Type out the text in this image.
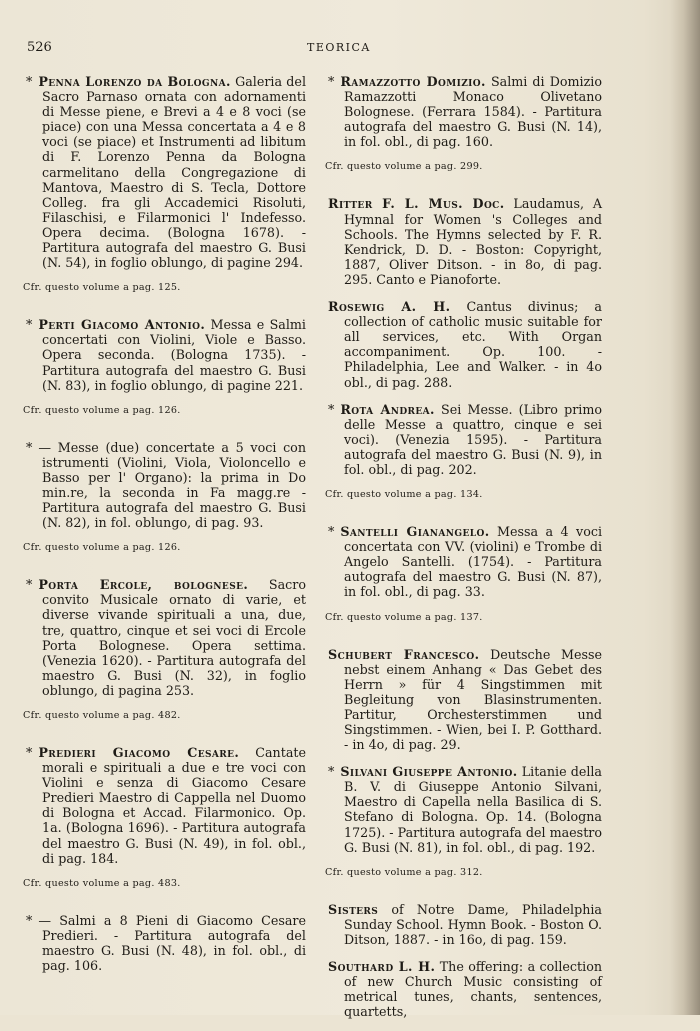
526	TEORICA

* Penna Lorenzo da Bologna. Galeria del Sacro Parnaso ornata con adornamenti di Messe piene, e Brevi a 4 e 8 voci (se piace) con una Messa concertata a 4 e 8 voci (se piace) et Instrumenti ad libitum di F. Lorenzo Penna da Bologna carmelitano della Congregazione di Mantova, Maestro di S. Tecla, Dottore Colleg. fra gli Accademici Risoluti, Filaschisi, e Filarmonici l' Indefesso. Opera decima. (Bologna 1678). - Partitura autografa del maestro G. Busi (N. 54), in foglio oblungo, di pagine 294.

Cfr. questo volume a pag. 125.

* Perti Giacomo Antonio. Messa e Salmi concertati con Violini, Viole e Basso. Opera seconda. (Bologna 1735). - Partitura autografa del maestro G. Busi (N. 83), in foglio oblungo, di pagine 221.

Cfr. questo volume a pag. 126.

* — Messe (due) concertate a 5 voci con istrumenti (Violini, Viola, Violoncello e Basso per l' Organo): la prima in Do min.re, la seconda in Fa magg.re - Partitura autografa del maestro G. Busi (N. 82), in fol. oblungo, di pag. 93.

Cfr. questo volume a pag. 126.

* Porta Ercole, bolognese. Sacro convito Musicale ornato di varie, et diverse vivande spirituali a una, due, tre, quattro, cinque et sei voci di Ercole Porta Bolognese. Opera settima. (Venezia 1620). - Partitura autografa del maestro G. Busi (N. 32), in foglio oblungo, di pagina 253.

Cfr. questo volume a pag. 482.

* Predieri Giacomo Cesare. Cantate morali e spirituali a due e tre voci con Violini e senza di Giacomo Cesare Predieri Maestro di Cappella nel Duomo di Bologna et Accad. Filarmonico. Op. 1a. (Bologna 1696). - Partitura autografa del maestro G. Busi (N. 49), in fol. obl., di pag. 184.

Cfr. questo volume a pag. 483.

* — Salmi a 8 Pieni di Giacomo Cesare Predieri. - Partitura autografa del maestro G. Busi (N. 48), in fol. obl., di pag. 106.

* Ramazzotto Domizio. Salmi di Domizio Ramazzotti Monaco Olivetano Bolognese. (Ferrara 1584). - Partitura autografa del maestro G. Busi (N. 14), in fol. obl., di pag. 160.

Cfr. questo volume a pag. 299.

Ritter F. L. Mus. Doc. Laudamus, A Hymnal for Women 's Colleges and Schools. The Hymns selected by F. R. Kendrick, D. D. - Boston: Copyright, 1887, Oliver Ditson. - in 8o, di pag. 295. Canto e Pianoforte.

Rosewig A. H. Cantus divinus; a collection of catholic music suitable for all services, etc. With Organ accompaniment. Op. 100. - Philadelphia, Lee and Walker. - in 4o obl., di pag. 288.

* Rota Andrea. Sei Messe. (Libro primo delle Messe a quattro, cinque e sei voci). (Venezia 1595). - Partitura autografa del maestro G. Busi (N. 9), in fol. obl., di pag. 202.

Cfr. questo volume a pag. 134.

* Santelli Gianangelo. Messa a 4 voci concertata con VV. (violini) e Trombe di Angelo Santelli. (1754). - Partitura autografa del maestro G. Busi (N. 87), in fol. obl., di pag. 33.

Cfr. questo volume a pag. 137.

Schubert Francesco. Deutsche Messe nebst einem Anhang « Das Gebet des Herrn » für 4 Singstimmen mit Begleitung von Blasinstrumenten. Partitur, Orchesterstimmen und Singstimmen. - Wien, bei I. P. Gotthard. - in 4o, di pag. 29.

* Silvani Giuseppe Antonio. Litanie della B. V. di Giuseppe Antonio Silvani, Maestro di Capella nella Basilica di S. Stefano di Bologna. Op. 14. (Bologna 1725). - Partitura autografa del maestro G. Busi (N. 81), in fol. obl., di pag. 192.

Cfr. questo volume a pag. 312.

Sisters of Notre Dame, Philadelphia Sunday School. Hymn Book. - Boston O. Ditson, 1887. - in 16o, di pag. 159.

Southard L. H. The offering: a collection of new Church Music consisting of metrical tunes, chants, sentences, quartetts,
